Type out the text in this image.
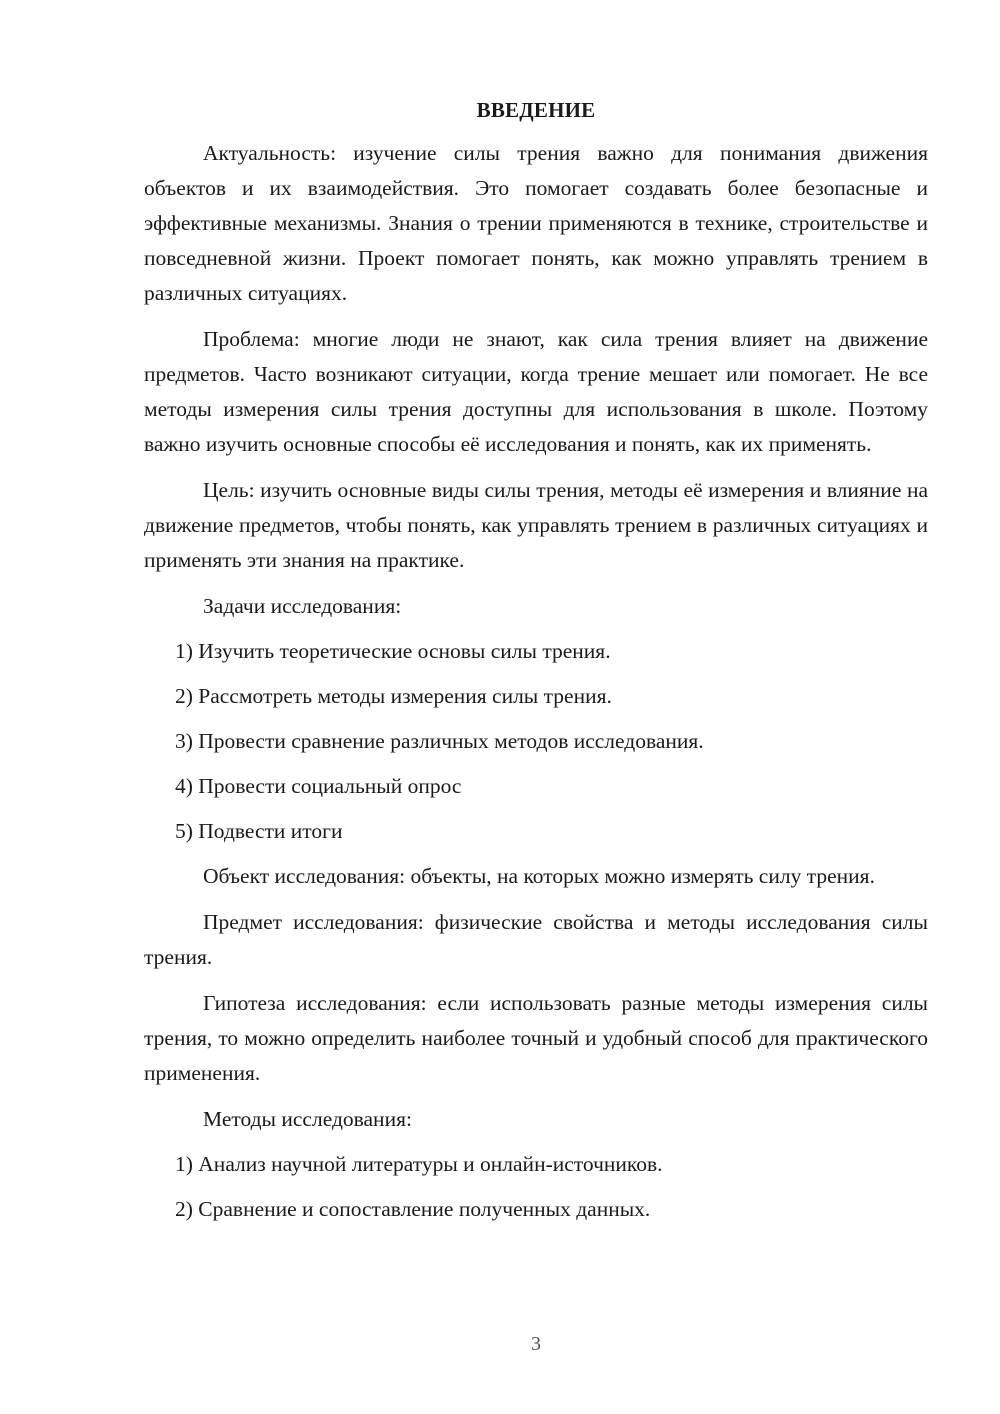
ВВЕДЕНИЕ

Актуальность: изучение силы трения важно для понимания движения объектов и их взаимодействия. Это помогает создавать более безопасные и эффективные механизмы. Знания о трении применяются в технике, строительстве и повседневной жизни. Проект помогает понять, как можно управлять трением в различных ситуациях.

Проблема: многие люди не знают, как сила трения влияет на движение предметов. Часто возникают ситуации, когда трение мешает или помогает. Не все методы измерения силы трения доступны для использования в школе. Поэтому важно изучить основные способы её исследования и понять, как их применять.

Цель: изучить основные виды силы трения, методы её измерения и влияние на движение предметов, чтобы понять, как управлять трением в различных ситуациях и применять эти знания на практике.

Задачи исследования:
1) Изучить теоретические основы силы трения.
2) Рассмотреть методы измерения силы трения.
3) Провести сравнение различных методов исследования.
4) Провести социальный опрос
5) Подвести итоги

Объект исследования: объекты, на которых можно измерять силу трения.

Предмет исследования: физические свойства и методы исследования силы трения.

Гипотеза исследования: если использовать разные методы измерения силы трения, то можно определить наиболее точный и удобный способ для практического применения.

Методы исследования:
1) Анализ научной литературы и онлайн-источников.
2) Сравнение и сопоставление полученных данных.
3
